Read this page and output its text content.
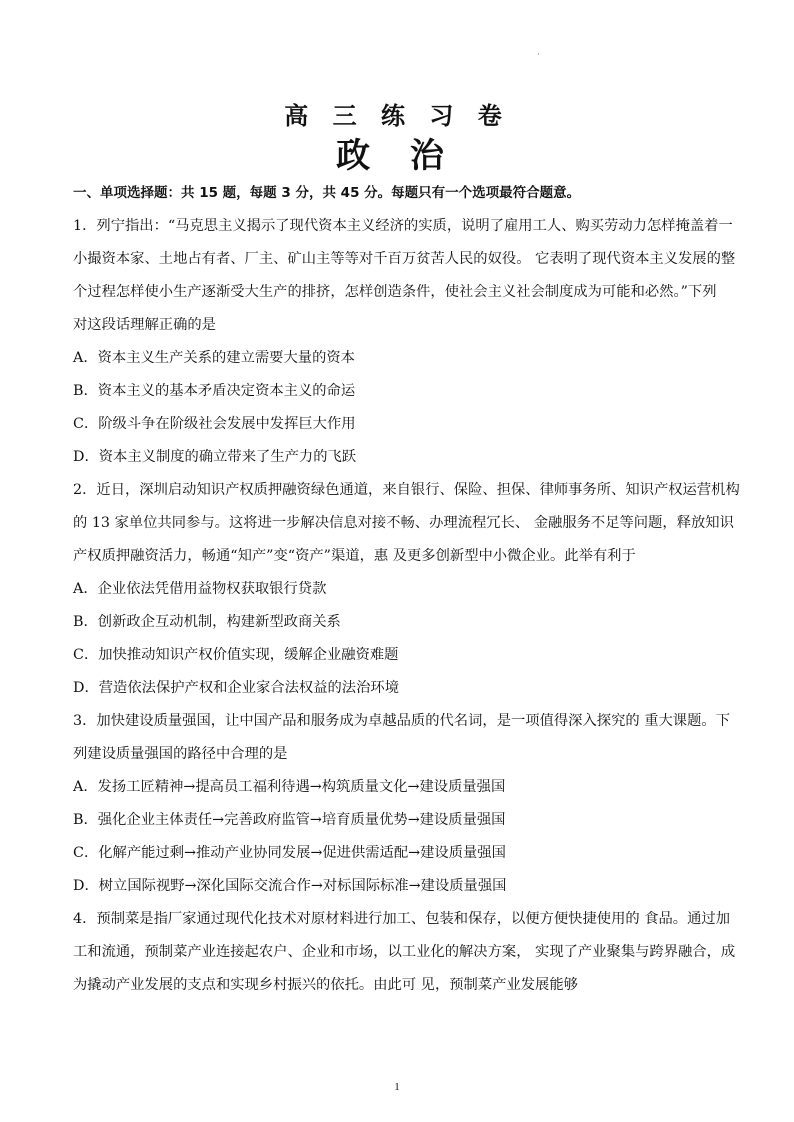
·
高 三 练 习 卷
政 治
一、单项选择题：共 15 题，每题 3 分，共 45 分。每题只有一个选项最符合题意。
1．列宁指出：“马克思主义揭示了现代资本主义经济的实质，说明了雇用工人、购买劳动力怎样掩盖着一
小撮资本家、土地占有者、厂主、矿山主等等对千百万贫苦人民的奴役。 它表明了现代资本主义发展的整
个过程怎样使小生产逐渐受大生产的排挤，怎样创造条件，使社会主义社会制度成为可能和必然。”下列
对这段话理解正确的是
A．资本主义生产关系的建立需要大量的资本
B．资本主义的基本矛盾决定资本主义的命运
C．阶级斗争在阶级社会发展中发挥巨大作用
D．资本主义制度的确立带来了生产力的飞跃
2．近日，深圳启动知识产权质押融资绿色通道，来自银行、保险、担保、律师事务所、知识产权运营机构
的 13 家单位共同参与。这将进一步解决信息对接不畅、办理流程冗长、 金融服务不足等问题，释放知识
产权质押融资活力，畅通“知产”变“资产”渠道，惠 及更多创新型中小微企业。此举有利于
A．企业依法凭借用益物权获取银行贷款
B．创新政企互动机制，构建新型政商关系
C．加快推动知识产权价值实现，缓解企业融资难题
D．营造依法保护产权和企业家合法权益的法治环境
3．加快建设质量强国，让中国产品和服务成为卓越品质的代名词，是一项值得深入探究的 重大课题。下
列建设质量强国的路径中合理的是
A．发扬工匠精神→提高员工福利待遇→构筑质量文化→建设质量强国
B．强化企业主体责任→完善政府监管→培育质量优势→建设质量强国
C．化解产能过剩→推动产业协同发展→促进供需适配→建设质量强国
D．树立国际视野→深化国际交流合作→对标国际标准→建设质量强国
4．预制菜是指厂家通过现代化技术对原材料进行加工、包装和保存，以便方便快捷使用的 食品。通过加
工和流通，预制菜产业连接起农户、企业和市场，以工业化的解决方案， 实现了产业聚集与跨界融合，成
为撬动产业发展的支点和实现乡村振兴的依托。由此可 见，预制菜产业发展能够
1
